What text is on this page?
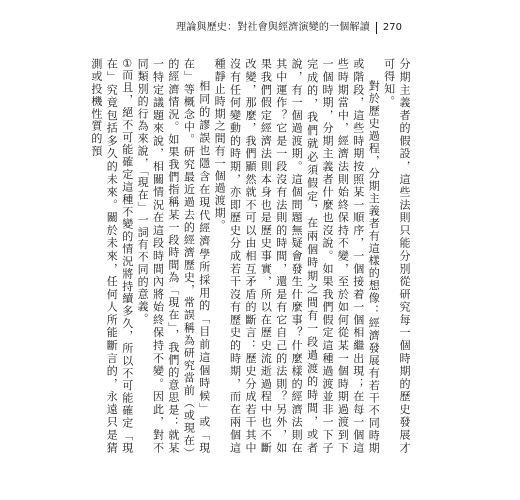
理論與歷史：對社會與經濟演變的一個解讀 270

分期主義者的假設，這些法則只能分別從研究每一個時期的歷史發展才可得知。

對於歷史過程，分期主義者有這樣的想像：經濟發展有若干不同時期或階段，這些時期按照某一順序，一個接着一個相繼出現；在每一個這些時期當中，經濟法則始終保持不變，至於如何從某一個時期過渡到下一個時期，分期主義者什麼也沒說。如果我們假定這種過渡並非一下子完成的，我們就必須假定，在兩個時期之間有一段過渡的時間，或者說，有一個過渡期。這個問題無疑會發生什麼事？什麼樣的經濟法則在其中運作？它是一段沒有法則的時間，還是有它自己的法則？另外，如果我們假定經濟法則本身也是歷史事實，所以在歷史流逝過程中也不斷改變，那麼，我們顯然就不可以由相互矛盾的斷言：歷史分成若干其中沒有任何變動的時期，亦即歷史分成若干沒有歷史的時期，而在兩個這種靜止時期之間有一個過渡期。

相同的謬誤也隱含在現代經濟學所採用的「目前這個時候」或「現在」等概念中。研究最近過去的經濟歷史，常誤稱為研究當前（或現在）的經濟情況。如果我們指稱某一段時間為「現在」，我們的意思是：就某一特定議題來說，相關情況在這段時間內將始終保持不變。因此，對不同類別的行為來說，「現在」一詞有不同的意義。

①而且，絕不可能確定這種不變的情況將持續多久，所以不可能確定「現在」究竟包括多久的未來。關於未來，任何人所能斷言的，永遠只是猜測或投機性質的預
